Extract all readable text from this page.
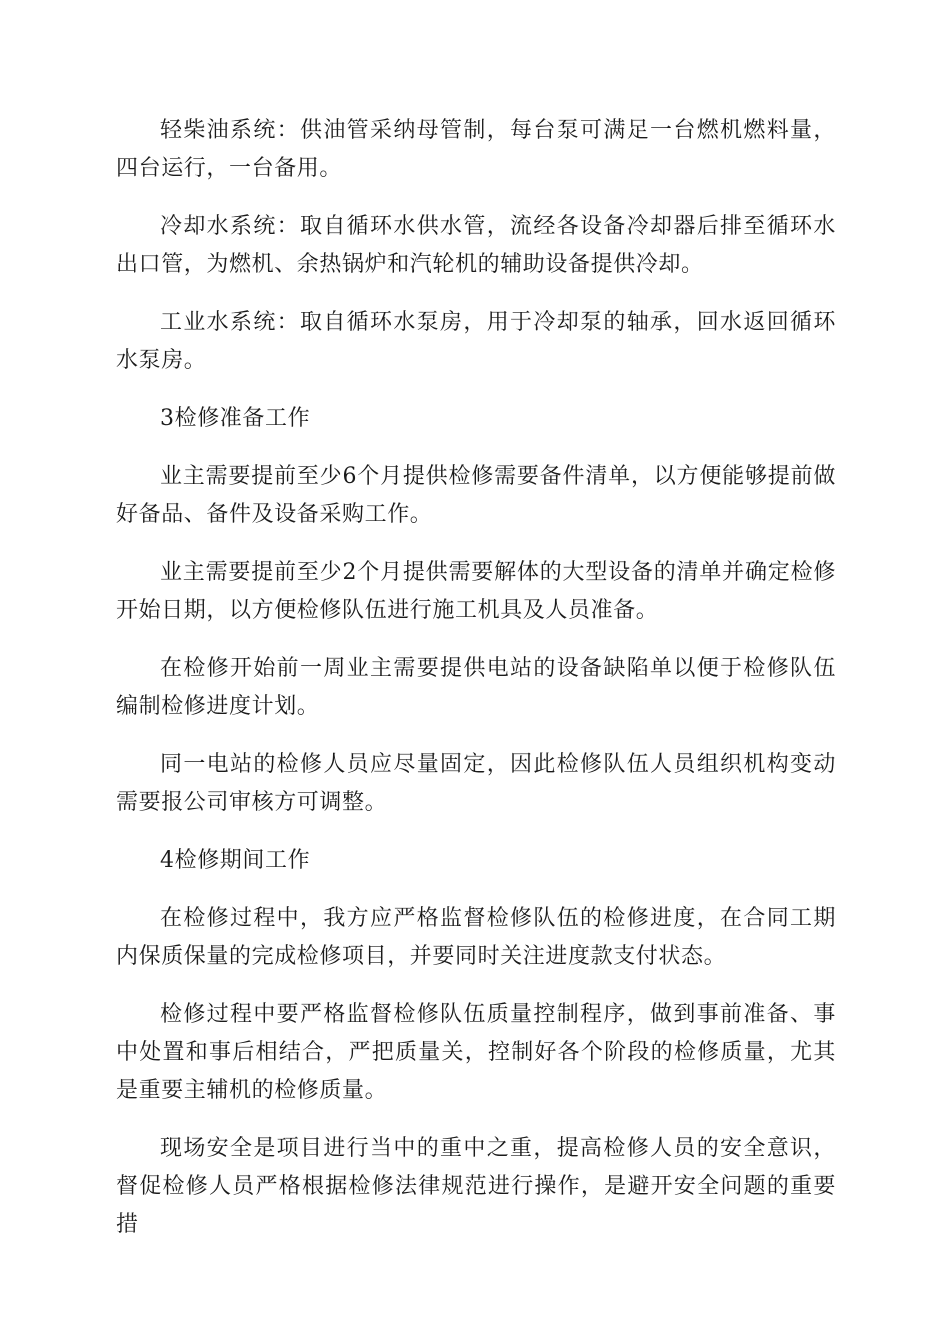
轻柴油系统：供油管采纳母管制，每台泵可满足一台燃机燃料量，四台运行，一台备用。

冷却水系统：取自循环水供水管，流经各设备冷却器后排至循环水出口管，为燃机、余热锅炉和汽轮机的辅助设备提供冷却。

工业水系统：取自循环水泵房，用于冷却泵的轴承，回水返回循环水泵房。

3检修准备工作

业主需要提前至少6个月提供检修需要备件清单，以方便能够提前做好备品、备件及设备采购工作。

业主需要提前至少2个月提供需要解体的大型设备的清单并确定检修开始日期，以方便检修队伍进行施工机具及人员准备。

在检修开始前一周业主需要提供电站的设备缺陷单以便于检修队伍编制检修进度计划。

同一电站的检修人员应尽量固定，因此检修队伍人员组织机构变动需要报公司审核方可调整。

4检修期间工作

在检修过程中，我方应严格监督检修队伍的检修进度，在合同工期内保质保量的完成检修项目，并要同时关注进度款支付状态。

检修过程中要严格监督检修队伍质量控制程序，做到事前准备、事中处置和事后相结合，严把质量关，控制好各个阶段的检修质量，尤其是重要主辅机的检修质量。

现场安全是项目进行当中的重中之重，提高检修人员的安全意识，督促检修人员严格根据检修法律规范进行操作，是避开安全问题的重要措
